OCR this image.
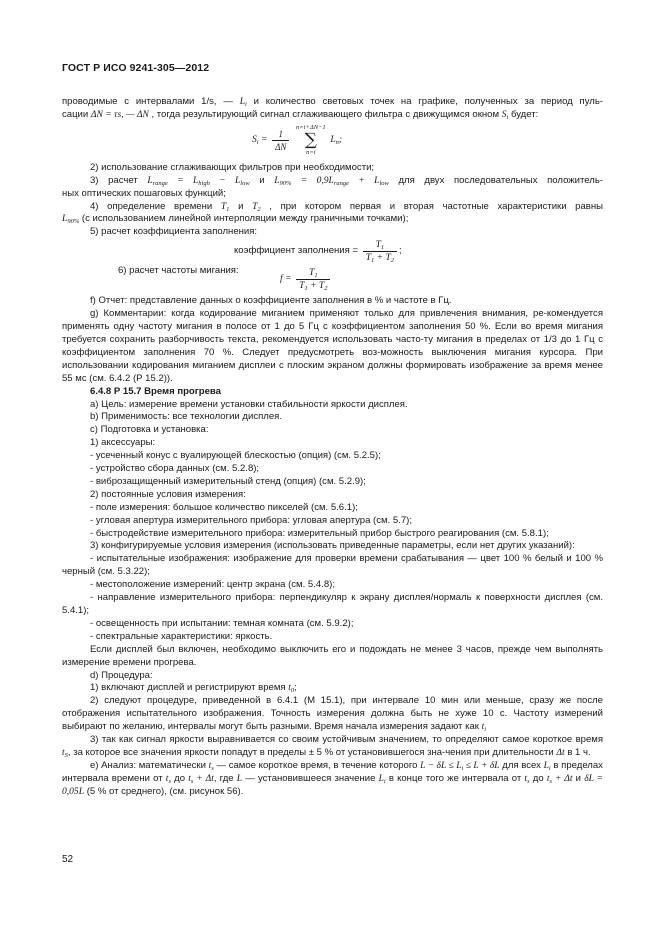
ГОСТ Р ИСО 9241-305—2012

проводимые с интервалами 1/s, — $L_i$ и количество световых точек на графике, полученных за период пуль-

сации ΔN = τs, — ΔN , тогда результирующий сигнал сглаживающего фильтра с движущимся окном $S_i$ будет:

$S_i = \frac{1}{\Delta N}$
n=i+ΔN−1
∑
n=i $L_n$;

2) использование сглаживающих фильтров при необходимости;

3) расчет $L_{range} = L_{high} - L_{low}$ и $L_{90\%} = 0,9L_{range} + L_{low}$ для двух последовательных положитель-

ных оптических пошаговых функций;

4) определение времени $T_1$ и $T_2$ , при котором первая и вторая частотные характеристики равны

$L_{90\%}$ (с использованием линейной интерполяции между граничными точками);

5) расчет коэффициента заполнения:

коэффициент заполнения = $\frac{T_1}{T_1 + T_2}$ ;
6) расчет частоты мигания:
$f = \frac{T_1}{T_1 + T_2}$

f) Отчет: представление данных о коэффициенте заполнения в % и частоте в Гц.

g) Комментарии: когда кодирование миганием применяют только для привлечения внимания, ре-комендуется применять одну частоту мигания в полосе от 1 до 5 Гц с коэффициентом заполнения 50 %. Если во время мигания требуется сохранить разборчивость текста, рекомендуется использовать часто-ту мигания в пределах от 1/3 до 1 Гц с коэффициентом заполнения 70 %. Следует предусмотреть воз-можность выключения мигания курсора. При использовании кодирования миганием дисплеи с плоским экраном должны формировать изображение за время менее 55 мс (см. 6.4.2 (Р 15.2)).

6.4.8 Р 15.7 Время прогрева

а) Цель: измерение времени установки стабильности яркости дисплея.

b) Применимость: все технологии дисплея.

c) Подготовка и установка:

1) аксессуары:

- усеченный конус с вуалирующей блескостью (опция) (см. 5.2.5);

- устройство сбора данных (см. 5.2.8);

- виброзащищенный измерительный стенд (опция) (см. 5.2.9);

2) постоянные условия измерения:

- поле измерения: большое количество пикселей (см. 5.6.1);

- угловая апертура измерительного прибора: угловая апертура (см. 5.7);

- быстродействие измерительного прибора: измерительный прибор быстрого реагирования (см. 5.8.1);

3) конфигурируемые условия измерения (использовать приведенные параметры, если нет других указаний):

- испытательные изображения: изображение для проверки времени срабатывания — цвет 100 % белый и 100 % черный (см. 5.3.22);

- местоположение измерений: центр экрана (см. 5.4.8);

- направление измерительного прибора: перпендикуляр к экрану дисплея/нормаль к поверхности дисплея (см. 5.4.1);

- освещенность при испытании: темная комната (см. 5.9.2);

- спектральные характеристики: яркость.

Если дисплей был включен, необходимо выключить его и подождать не менее 3 часов, прежде чем выполнять измерение времени прогрева.

d) Процедура:

1) включают дисплей и регистрируют время $t_0$;

2) следуют процедуре, приведенной в 6.4.1 (М 15.1), при интервале 10 мин или меньше, сразу же после отображения испытательного изображения. Точность измерения должна быть не хуже 10 с. Частоту измерений выбирают по желанию, интервалы могут быть разными. Время начала измерения задают как $t_i$

3) так как сигнал яркости выравнивается со своим устойчивым значением, то определяют самое короткое время $t_S$, за которое все значения яркости попадут в пределы ± 5 % от установившегося зна-чения при длительности Δt в 1 ч.

e) Анализ: математически $t_s$ — самое короткое время, в течение которого $L - \delta L \le L_i \le L + \delta L$ для всех $L_i$ в пределах интервала времени от $t_s$ до $t_s + \Delta t$, где L — установившееся значение $L_i$ в конце того же интервала от $t_s$ до $t_s + \Delta t$ и δL = 0,05L (5 % от среднего), (см. рисунок 56).

52
